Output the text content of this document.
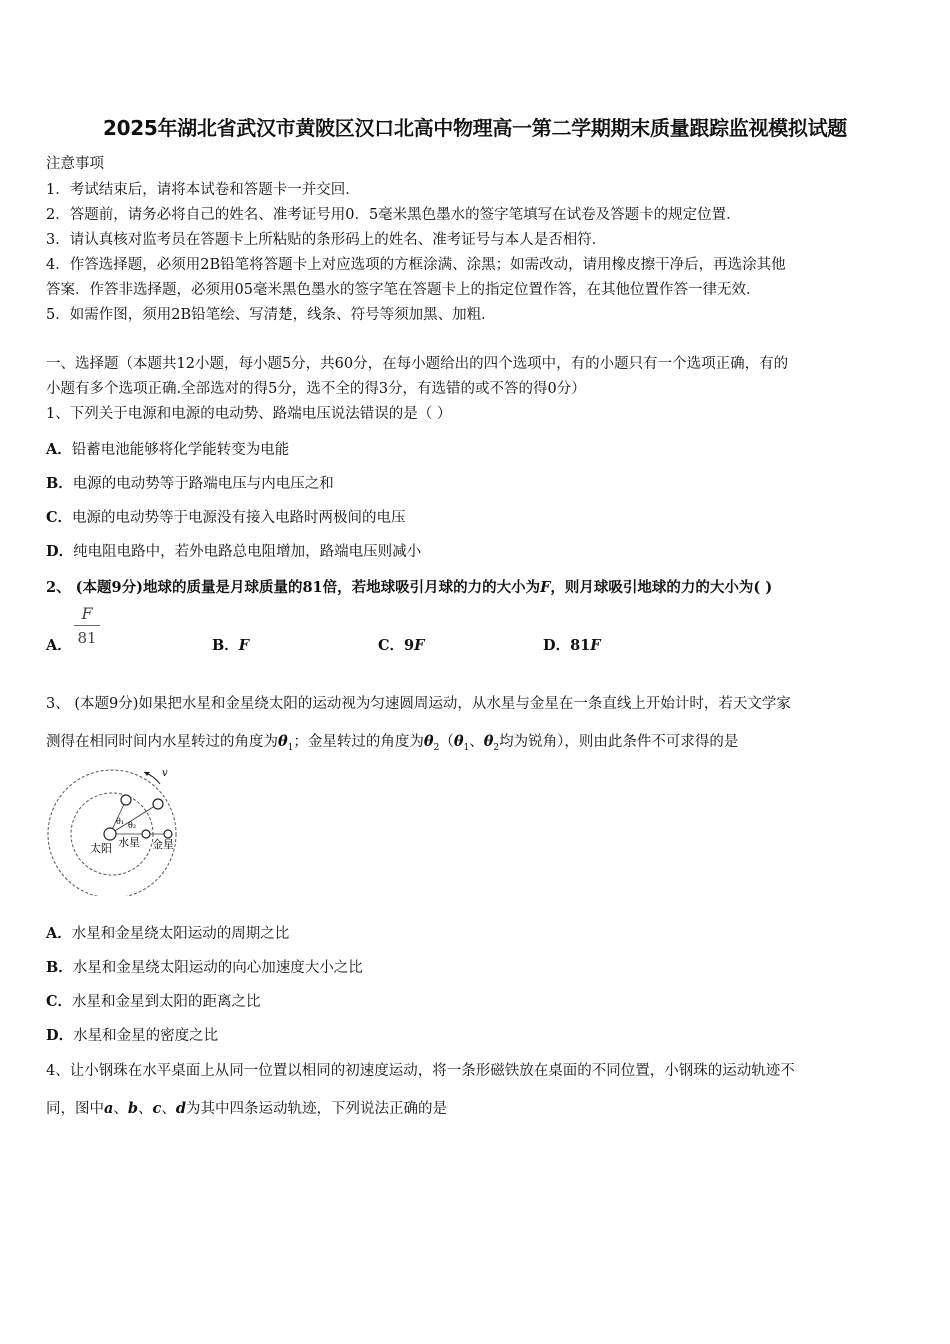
2025年湖北省武汉市黄陂区汉口北高中物理高一第二学期期末质量跟踪监视模拟试题
注意事项
1．考试结束后，请将本试卷和答题卡一并交回．
2．答题前，请务必将自己的姓名、准考证号用0．5毫米黑色墨水的签字笔填写在试卷及答题卡的规定位置．
3．请认真核对监考员在答题卡上所粘贴的条形码上的姓名、准考证号与本人是否相符．
4．作答选择题，必须用2B铅笔将答题卡上对应选项的方框涂满、涂黑；如需改动，请用橡皮擦干净后，再选涂其他
答案．作答非选择题，必须用05毫米黑色墨水的签字笔在答题卡上的指定位置作答，在其他位置作答一律无效．
5．如需作图，须用2B铅笔绘、写清楚，线条、符号等须加黑、加粗．
一、选择题（本题共12小题，每小题5分，共60分，在每小题给出的四个选项中，有的小题只有一个选项正确，有的
小题有多个选项正确.全部选对的得5分，选不全的得3分，有选错的或不答的得0分）
1、下列关于电源和电源的电动势、路端电压说法错误的是（ ）
A．铅蓄电池能够将化学能转变为电能
B．电源的电动势等于路端电压与内电压之和
C．电源的电动势等于电源没有接入电路时两极间的电压
D．纯电阻电路中，若外电路总电阻增加，路端电压则减小
2、 (本题9分)地球的质量是月球质量的81倍，若地球吸引月球的力的大小为F，则月球吸引地球的力的大小为( )
A．
F
81	B．F	C．9F	D．81F
3、 (本题9分)如果把水星和金星绕太阳的运动视为匀速圆周运动，从水星与金星在一条直线上开始计时，若天文学家
测得在相同时间内水星转过的角度为$\theta_1$；金星转过的角度为$\theta_2(\theta_1$、$\theta_2$均为锐角），则由此条件不可求得的是
v
θ₁ θ₂
太阳 水星 金星
A．水星和金星绕太阳运动的周期之比
B．水星和金星绕太阳运动的向心加速度大小之比
C．水星和金星到太阳的距离之比
D．水星和金星的密度之比
4、让小钢珠在水平桌面上从同一位置以相同的初速度运动，将一条形磁铁放在桌面的不同位置，小钢珠的运动轨迹不
同，图中a、b、c、d为其中四条运动轨迹，下列说法正确的是
